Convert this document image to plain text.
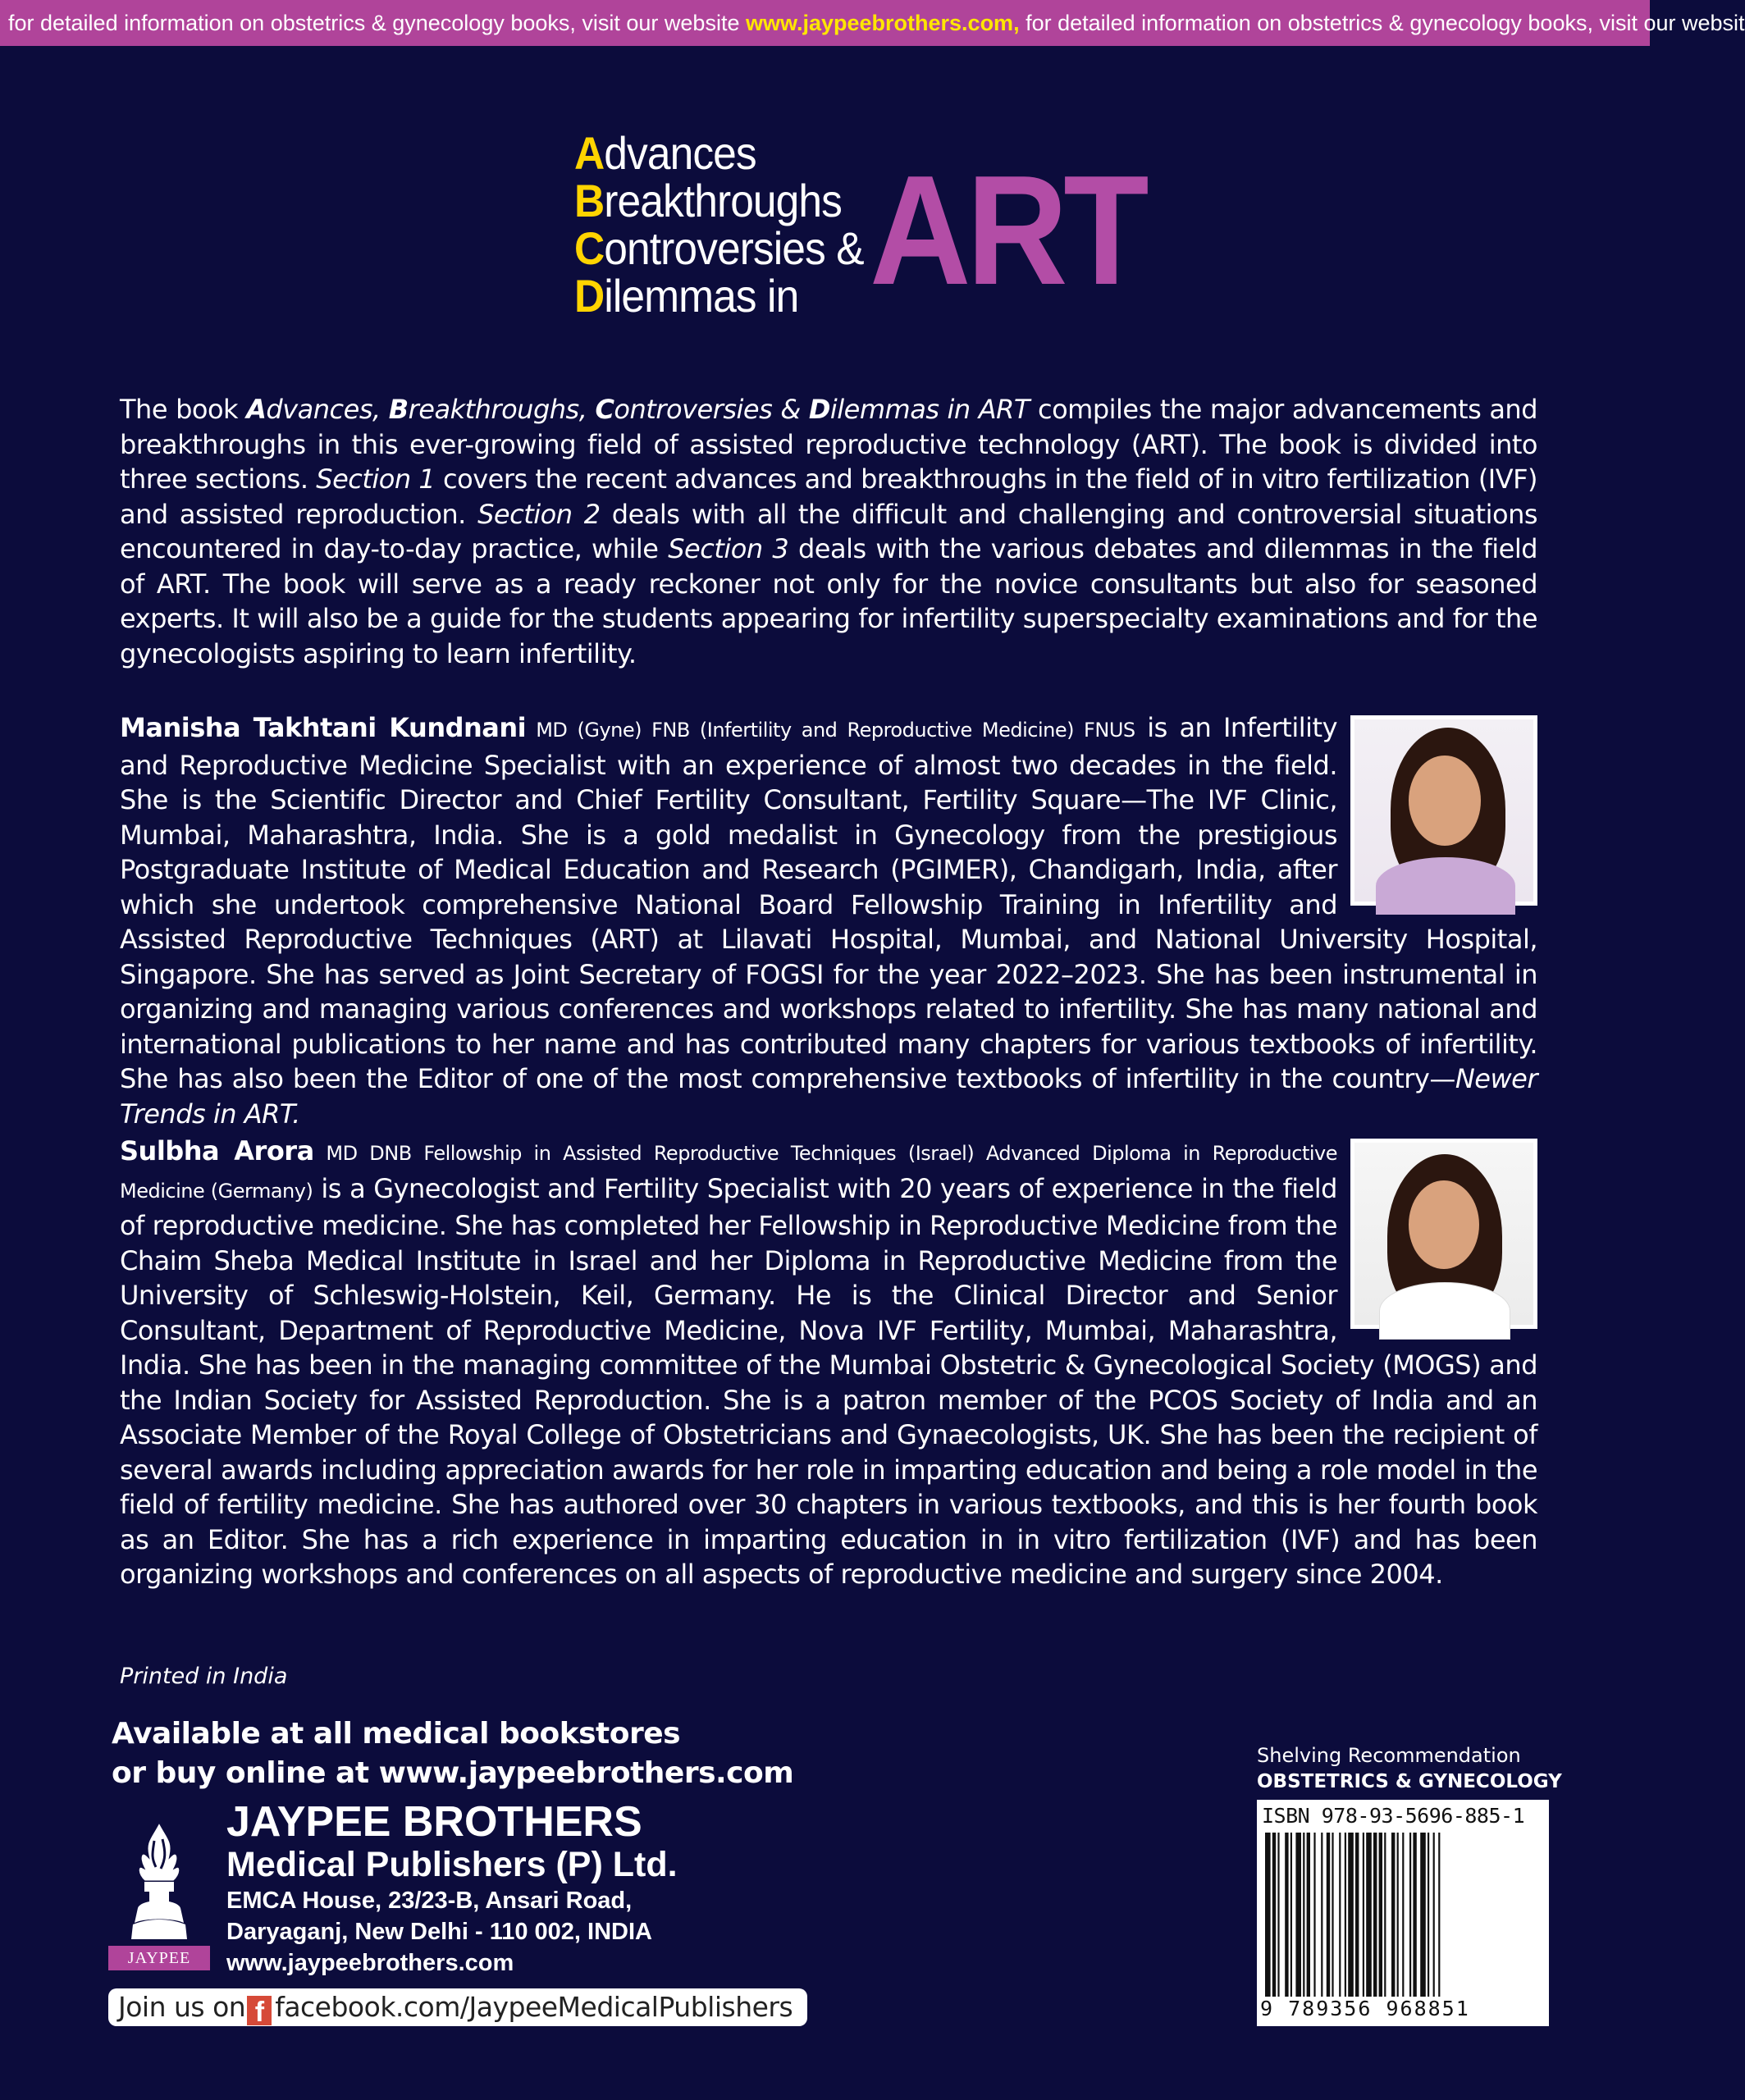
for detailed information on obstetrics & gynecology books, visit our website www.jaypeebrothers.com, for detailed information on obstetrics & gynecology books, visit our websit
Advances
Breakthroughs
Controversies &
Dilemmas in ART
The book Advances, Breakthroughs, Controversies & Dilemmas in ART compiles the major advancements and breakthroughs in this ever-growing field of assisted reproductive technology (ART). The book is divided into three sections. Section 1 covers the recent advances and breakthroughs in the field of in vitro fertilization (IVF) and assisted reproduction. Section 2 deals with all the difficult and challenging and controversial situations encountered in day-to-day practice, while Section 3 deals with the various debates and dilemmas in the field of ART. The book will serve as a ready reckoner not only for the novice consultants but also for seasoned experts. It will also be a guide for the students appearing for infertility superspecialty examinations and for the gynecologists aspiring to learn infertility.
Manisha Takhtani Kundnani MD (Gyne) FNB (Infertility and Reproductive Medicine) FNUS is an Infertility and Reproductive Medicine Specialist with an experience of almost two decades in the field. She is the Scientific Director and Chief Fertility Consultant, Fertility Square—The IVF Clinic, Mumbai, Maharashtra, India. She is a gold medalist in Gynecology from the prestigious Postgraduate Institute of Medical Education and Research (PGIMER), Chandigarh, India, after which she undertook comprehensive National Board Fellowship Training in Infertility and Assisted Reproductive Techniques (ART) at Lilavati Hospital, Mumbai, and National University Hospital, Singapore. She has served as Joint Secretary of FOGSI for the year 2022–2023. She has been instrumental in organizing and managing various conferences and workshops related to infertility. She has many national and international publications to her name and has contributed many chapters for various textbooks of infertility. She has also been the Editor of one of the most comprehensive textbooks of infertility in the country—Newer Trends in ART.
Sulbha Arora MD DNB Fellowship in Assisted Reproductive Techniques (Israel) Advanced Diploma in Reproductive Medicine (Germany) is a Gynecologist and Fertility Specialist with 20 years of experience in the field of reproductive medicine. She has completed her Fellowship in Reproductive Medicine from the Chaim Sheba Medical Institute in Israel and her Diploma in Reproductive Medicine from the University of Schleswig-Holstein, Keil, Germany. He is the Clinical Director and Senior Consultant, Department of Reproductive Medicine, Nova IVF Fertility, Mumbai, Maharashtra, India. She has been in the managing committee of the Mumbai Obstetric & Gynecological Society (MOGS) and the Indian Society for Assisted Reproduction. She is a patron member of the PCOS Society of India and an Associate Member of the Royal College of Obstetricians and Gynaecologists, UK. She has been the recipient of several awards including appreciation awards for her role in imparting education and being a role model in the field of fertility medicine. She has authored over 30 chapters in various textbooks, and this is her fourth book as an Editor. She has a rich experience in imparting education in in vitro fertilization (IVF) and has been organizing workshops and conferences on all aspects of reproductive medicine and surgery since 2004.
Printed in India
Available at all medical bookstores
or buy online at www.jaypeebrothers.com
JAYPEE
JAYPEE BROTHERS
Medical Publishers (P) Ltd.
EMCA House, 23/23-B, Ansari Road,
Daryaganj, New Delhi - 110 002, INDIA
www.jaypeebrothers.com
Join us on f facebook.com/JaypeeMedicalPublishers
Shelving Recommendation
OBSTETRICS & GYNECOLOGY
ISBN 978-93-5696-885-1
9 789356 968851
